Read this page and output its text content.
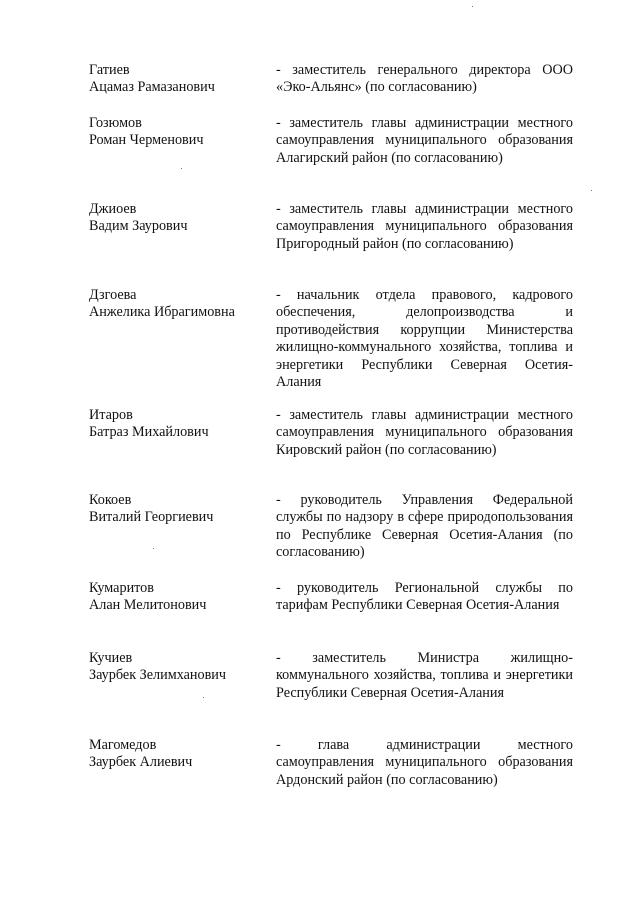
Гатиев
Ацамаз Рамазанович
- заместитель генерального директора ООО «Эко-Альянс» (по согласованию)
Гозюмов
Роман Черменович
- заместитель главы администрации местного самоуправления муниципального образования Алагирский район (по согласованию)
Джиоев
Вадим Заурович
- заместитель главы администрации местного самоуправления муниципального образования Пригородный район (по согласованию)
Дзгоева
Анжелика Ибрагимовна
- начальник отдела правового, кадрового обеспечения, делопроизводства и противодействия коррупции Министерства жилищно-коммунального хозяйства, топлива и энергетики Республики Северная Осетия-Алания
Итаров
Батраз Михайлович
- заместитель главы администрации местного самоуправления муниципального образования Кировский район (по согласованию)
Кокоев
Виталий Георгиевич
- руководитель Управления Федеральной службы по надзору в сфере природопользования по Республике Северная Осетия-Алания (по согласованию)
Кумаритов
Алан Мелитонович
- руководитель Региональной службы по тарифам Республики Северная Осетия-Алания
Кучиев
Заурбек Зелимханович
- заместитель Министра жилищно-коммунального хозяйства, топлива и энергетики Республики Северная Осетия-Алания
Магомедов
Заурбек Алиевич
- глава администрации местного самоуправления муниципального образования Ардонский район (по согласованию)
